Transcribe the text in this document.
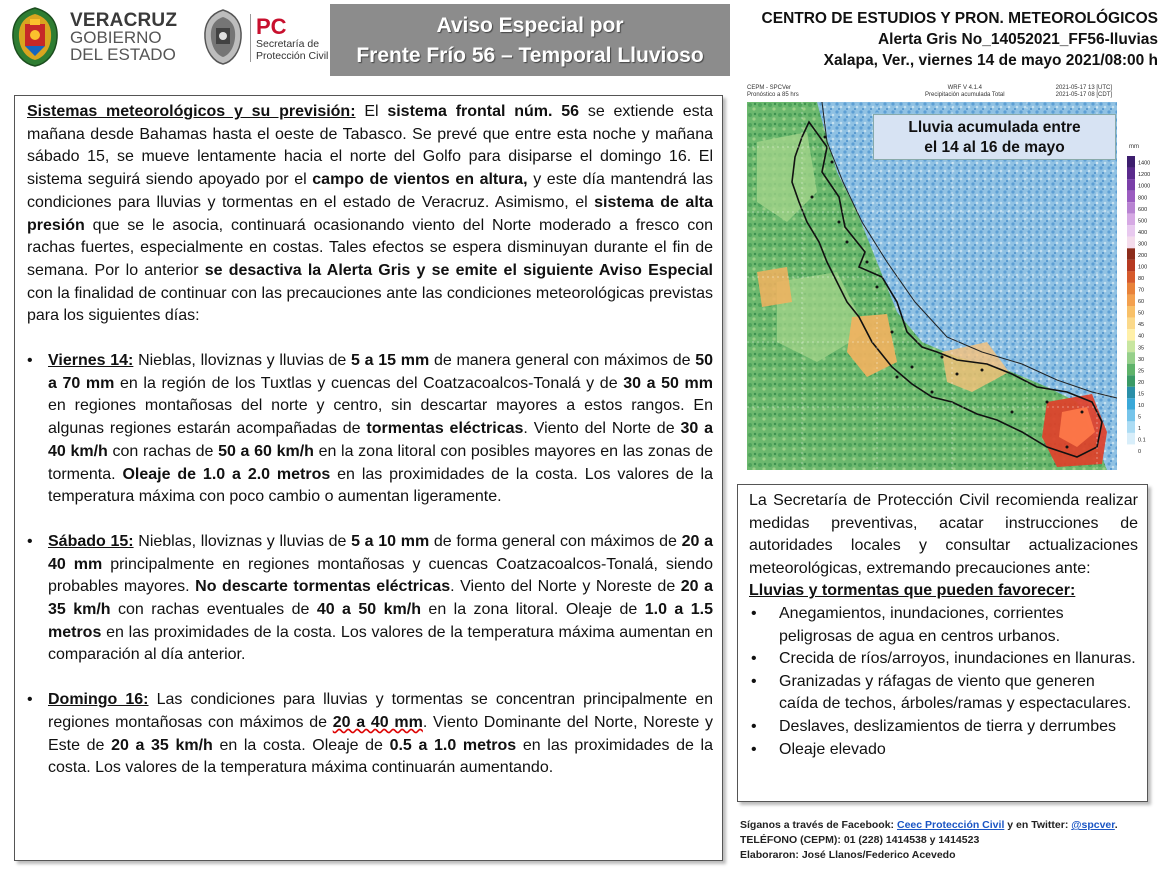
VERACRUZ
GOBIERNO
DEL ESTADO
PC
Secretaría de
Protección Civil
Aviso Especial por
Frente Frío 56 – Temporal Lluvioso
CENTRO DE ESTUDIOS Y PRON. METEOROLÓGICOS
Alerta Gris No_14052021_FF56-lluvias
Xalapa, Ver., viernes 14 de mayo 2021/08:00 h

Sistemas meteorológicos y su previsión: El sistema frontal núm. 56 se extiende esta mañana desde Bahamas hasta el oeste de Tabasco. Se prevé que entre esta noche y mañana sábado 15, se mueve lentamente hacia el norte del Golfo para disiparse el domingo 16. El sistema seguirá siendo apoyado por el campo de vientos en altura, y este día mantendrá las condiciones para lluvias y tormentas en el estado de Veracruz. Asimismo, el sistema de alta presión que se le asocia, continuará ocasionando viento del Norte moderado a fresco con rachas fuertes, especialmente en costas. Tales efectos se espera disminuyan durante el fin de semana. Por lo anterior se desactiva la Alerta Gris y se emite el siguiente Aviso Especial con la finalidad de continuar con las precauciones ante las condiciones meteorológicas previstas para los siguientes días:

• Viernes 14: Nieblas, lloviznas y lluvias de 5 a 15 mm de manera general con máximos de 50 a 70 mm en la región de los Tuxtlas y cuencas del Coatzacoalcos-Tonalá y de 30 a 50 mm en regiones montañosas del norte y centro, sin descartar mayores a estos rangos. En algunas regiones estarán acompañadas de tormentas eléctricas. Viento del Norte de 30 a 40 km/h con rachas de 50 a 60 km/h en la zona litoral con posibles mayores en las zonas de tormenta. Oleaje de 1.0 a 2.0 metros en las proximidades de la costa. Los valores de la temperatura máxima con poco cambio o aumentan ligeramente.

• Sábado 15: Nieblas, lloviznas y lluvias de 5 a 10 mm de forma general con máximos de 20 a 40 mm principalmente en regiones montañosas y cuencas Coatzacoalcos-Tonalá, siendo probables mayores. No descarte tormentas eléctricas. Viento del Norte y Noreste de 20 a 35 km/h con rachas eventuales de 40 a 50 km/h en la zona litoral. Oleaje de 1.0 a 1.5 metros en las proximidades de la costa. Los valores de la temperatura máxima aumentan en comparación al día anterior.

• Domingo 16: Las condiciones para lluvias y tormentas se concentran principalmente en regiones montañosas con máximos de 20 a 40 mm. Viento Dominante del Norte, Noreste y Este de 20 a 35 km/h en la costa. Oleaje de 0.5 a 1.0 metros en las proximidades de la costa. Los valores de la temperatura máxima continuarán aumentando.

CEPM - SPCVer
Pronóstico a 85 hrs
WRF V 4.1.4
Precipitación acumulada Total
2021-05-17 13 [UTC]
2021-05-17 08 [CDT]
Lluvia acumulada entre
el 14 al 16 de mayo	mm
1400
1200
1000
800
600
500
400
300
200
100
80
70
60
50
45
40
35
30
25
20
15
10
5
1
0.1
0

La Secretaría de Protección Civil recomienda realizar medidas preventivas, acatar instrucciones de autoridades locales y consultar actualizaciones meteorológicas, extremando precauciones ante:

Lluvias y tormentas que pueden favorecer:

• Anegamientos, inundaciones, corrientes peligrosas de agua en centros urbanos.
• Crecida de ríos/arroyos, inundaciones en llanuras.
• Granizadas y ráfagas de viento que generen caída de techos, árboles/ramas y espectaculares.
• Deslaves, deslizamientos de tierra y derrumbes
• Oleaje elevado
Síganos a través de Facebook: Ceec Protección Civil y en Twitter: @spcver.
TELÉFONO (CEPM): 01 (228) 1414538 y 1414523
Elaboraron: José Llanos/Federico Acevedo
